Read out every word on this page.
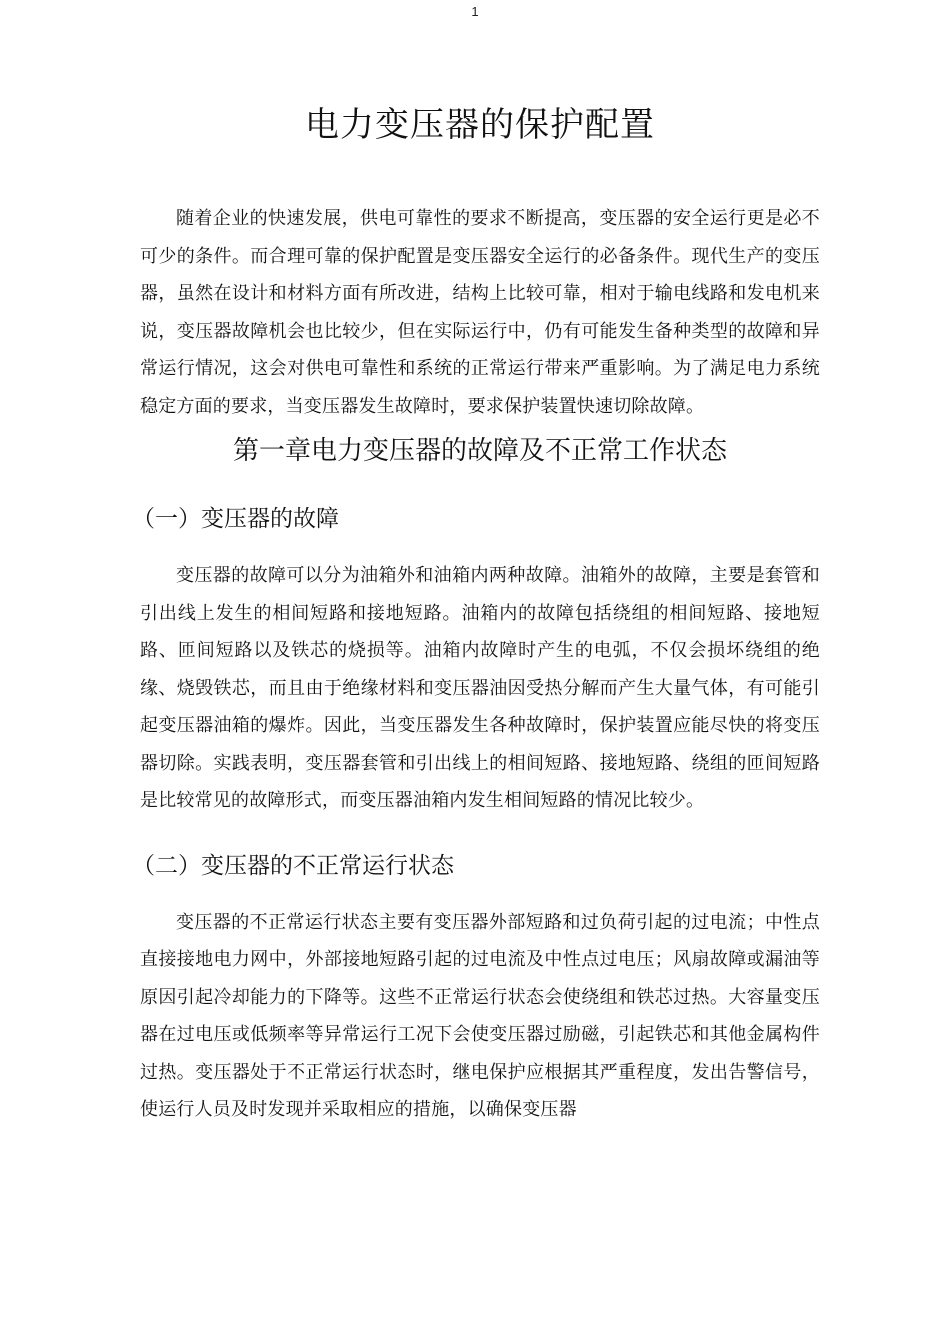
1
电力变压器的保护配置

随着企业的快速发展，供电可靠性的要求不断提高，变压器的安全运行更是必不可少的条件。而合理可靠的保护配置是变压器安全运行的必备条件。现代生产的变压器，虽然在设计和材料方面有所改进，结构上比较可靠，相对于输电线路和发电机来说，变压器故障机会也比较少，但在实际运行中，仍有可能发生备种类型的故障和异常运行情况，这会对供电可靠性和系统的正常运行带来严重影响。为了满足电力系统稳定方面的要求，当变压器发生故障时，要求保护装置快速切除故障。

第一章电力变压器的故障及不正常工作状态
（一）变压器的故障

变压器的故障可以分为油箱外和油箱内两种故障。油箱外的故障，主要是套管和引出线上发生的相间短路和接地短路。油箱内的故障包括绕组的相间短路、接地短路、匝间短路以及铁芯的烧损等。油箱内故障时产生的电弧，不仅会损坏绕组的绝缘、烧毁铁芯，而且由于绝缘材料和变压器油因受热分解而产生大量气体，有可能引起变压器油箱的爆炸。因此，当变压器发生各种故障时，保护装置应能尽快的将变压器切除。实践表明，变压器套管和引出线上的相间短路、接地短路、绕组的匝间短路是比较常见的故障形式，而变压器油箱内发生相间短路的情况比较少。

（二）变压器的不正常运行状态

变压器的不正常运行状态主要有变压器外部短路和过负荷引起的过电流；中性点直接接地电力网中，外部接地短路引起的过电流及中性点过电压；风扇故障或漏油等原因引起冷却能力的下降等。这些不正常运行状态会使绕组和铁芯过热。大容量变压器在过电压或低频率等异常运行工况下会使变压器过励磁，引起铁芯和其他金属构件过热。变压器处于不正常运行状态时，继电保护应根据其严重程度，发出告警信号，使运行人员及时发现并采取相应的措施，以确保变压器
